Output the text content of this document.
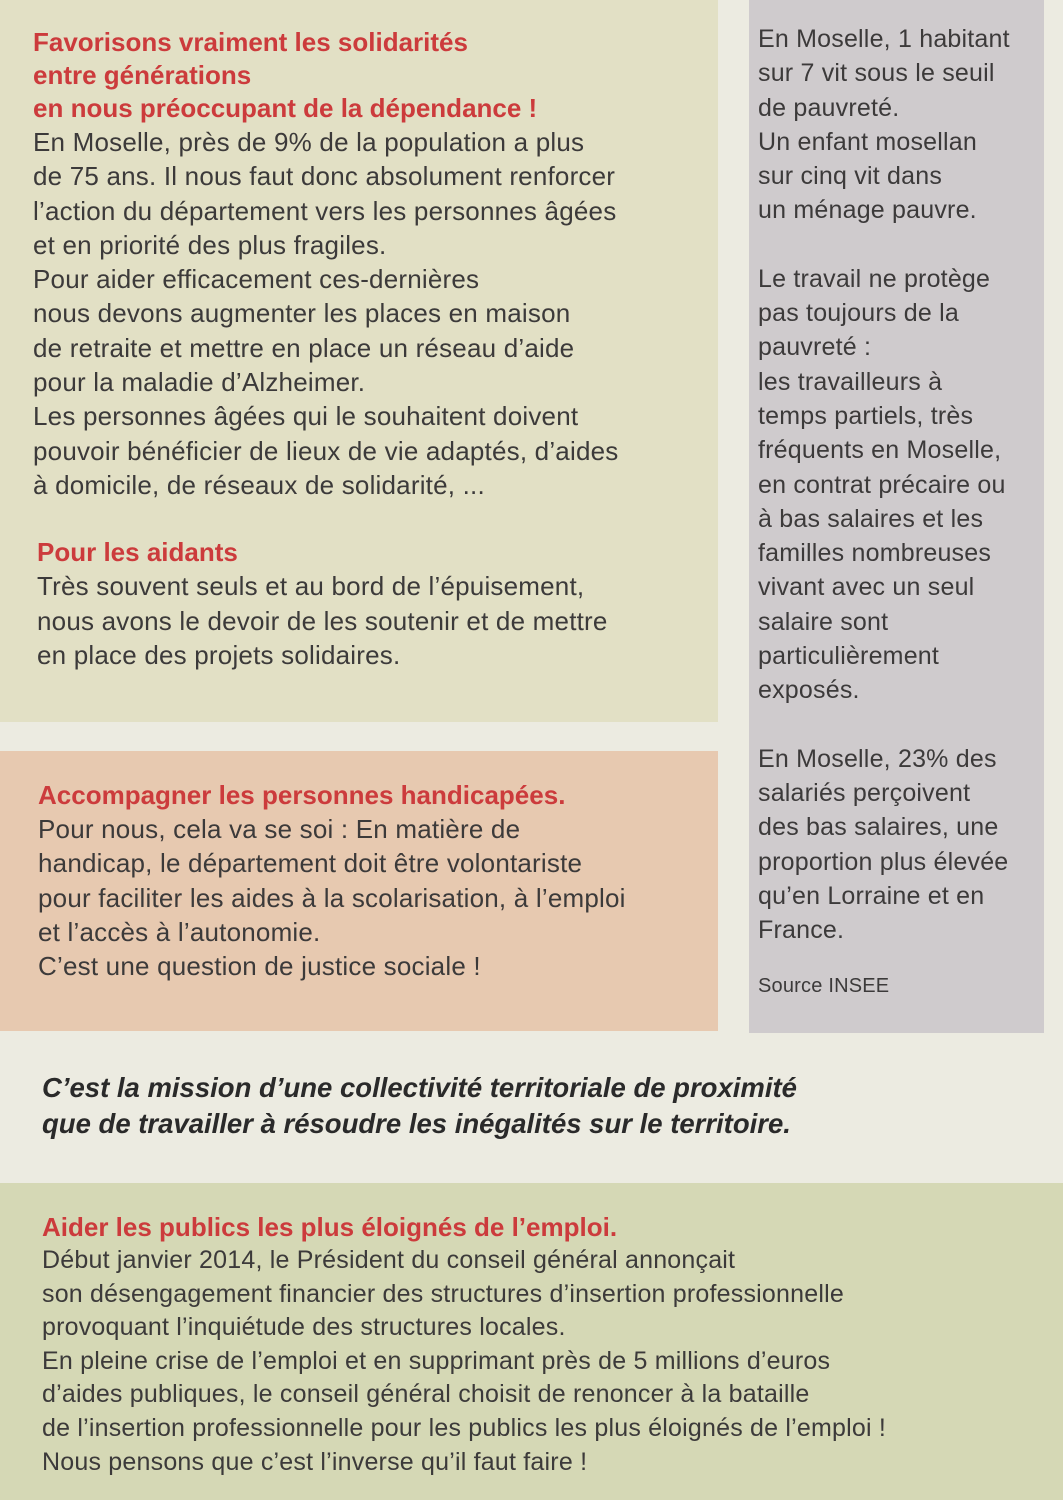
Favorisons vraiment les solidarités
entre générations
en nous préoccupant de la dépendance !
En Moselle, près de 9% de la population a plus
de 75 ans. Il nous faut donc absolument renforcer
l’action du département vers les personnes âgées
et en priorité des plus fragiles.
Pour aider efficacement ces-dernières
nous devons augmenter les places en maison
de retraite et mettre en place un réseau d’aide
pour la maladie d’Alzheimer.
Les personnes âgées qui le souhaitent doivent
pouvoir bénéficier de lieux de vie adaptés, d’aides
à domicile, de réseaux de solidarité, ...
Pour les aidants
Très souvent seuls et au bord de l’épuisement,
nous avons le devoir de les soutenir et de mettre
en place des projets solidaires.
Accompagner les personnes handicapées.
Pour nous, cela va se soi : En matière de
handicap, le département doit être volontariste
pour faciliter les aides à la scolarisation, à l’emploi
et l’accès à l’autonomie.
C’est une question de justice sociale !
En Moselle, 1 habitant
sur 7 vit sous le seuil
de pauvreté.
Un enfant mosellan
sur cinq vit dans
un ménage pauvre.
Le travail ne protège
pas toujours de la
pauvreté :
les travailleurs à
temps partiels, très
fréquents en Moselle,
en contrat précaire ou
à bas salaires et les
familles nombreuses
vivant avec un seul
salaire sont
particulièrement
exposés.
En Moselle, 23% des
salariés perçoivent
des bas salaires, une
proportion plus élevée
qu’en Lorraine et en
France.
Source INSEE
C’est la mission d’une collectivité territoriale de proximité
que de travailler à résoudre les inégalités sur le territoire.
Aider les publics les plus éloignés de l’emploi.
Début janvier 2014, le Président du conseil général annonçait
son désengagement financier des structures d’insertion professionnelle
provoquant l’inquiétude des structures locales.
En pleine crise de l’emploi et en supprimant près de 5 millions d’euros
d’aides publiques, le conseil général choisit de renoncer à la bataille
de l’insertion professionnelle pour les publics les plus éloignés de l’emploi !
Nous pensons que c’est l’inverse qu’il faut faire !
